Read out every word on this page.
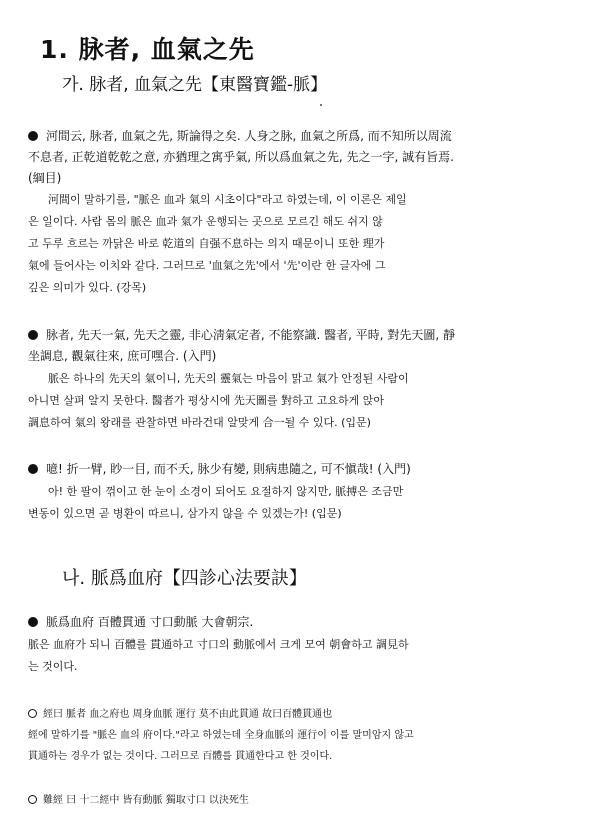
1. 脉者, 血氣之先
가. 脉者, 血氣之先【東醫寶鑑-脈】
河間云, 脉者, 血氣之先, 斯論得之矣. 人身之脉, 血氣之所爲, 而不知所以周流
不息者, 正乾道乾乾之意, 亦猶理之寓乎氣, 所以爲血氣之先, 先之一字, 誠有旨焉.
(綱目)
河間이 말하기를, "脈은 血과 氣의 시초이다"라고 하였는데, 이 이론은 제일
은 일이다. 사람 몸의 脈은 血과 氣가 운행되는 곳으로 모르긴 해도 쉬지 않
고 두루 흐르는 까닭은 바로 乾道의 自强不息하는 의지 때문이니 또한 理가
氣에 들어사는 이치와 같다. 그러므로 '血氣之先'에서 '先'이란 한 글자에 그
깊은 의미가 있다. (강목)
脉者, 先天一氣, 先天之靈, 非心淸氣定者, 不能察識. 醫者, 平時, 對先天圖, 靜
坐調息, 觀氣往來, 庶可嘿合. (入門)
脈은 하나의 先天의 氣이니, 先天의 靈氣는 마음이 맑고 氣가 안정된 사람이
아니면 살펴 알지 못한다. 醫者가 평상시에 先天圖를 對하고 고요하게 앉아
調息하여 氣의 왕래를 관찰하면 바라건대 알맞게 合一될 수 있다. (입문)
噫! 折一臂, 眇一目, 而不夭, 脉少有變, 則病患隨之, 可不愼哉! (入門)
아! 한 팔이 꺾이고 한 눈이 소경이 되어도 요절하지 않지만, 脈搏은 조금만
변동이 있으면 곧 병환이 따르니, 삼가지 않을 수 있겠는가! (입문)
나. 脈爲血府【四診心法要訣】
脈爲血府 百體貫通 寸口動脈 大會朝宗.
脈은 血府가 되니 百體를 貫通하고 寸口의 動脈에서 크게 모여 朝會하고 調見하
는 것이다.
經曰 脈者 血之府也 周身血脈 運行 莫不由此貫通 故曰百體貫通也
經에 말하기를 "脈은 血의 府이다."라고 하였는데 全身血脈의 運行이 이를 말미암지 않고
貫通하는 경우가 없는 것이다. 그러므로 百體를 貫通한다고 한 것이다.
難經 曰 十二經中 皆有動脈 獨取寸口 以決死生
